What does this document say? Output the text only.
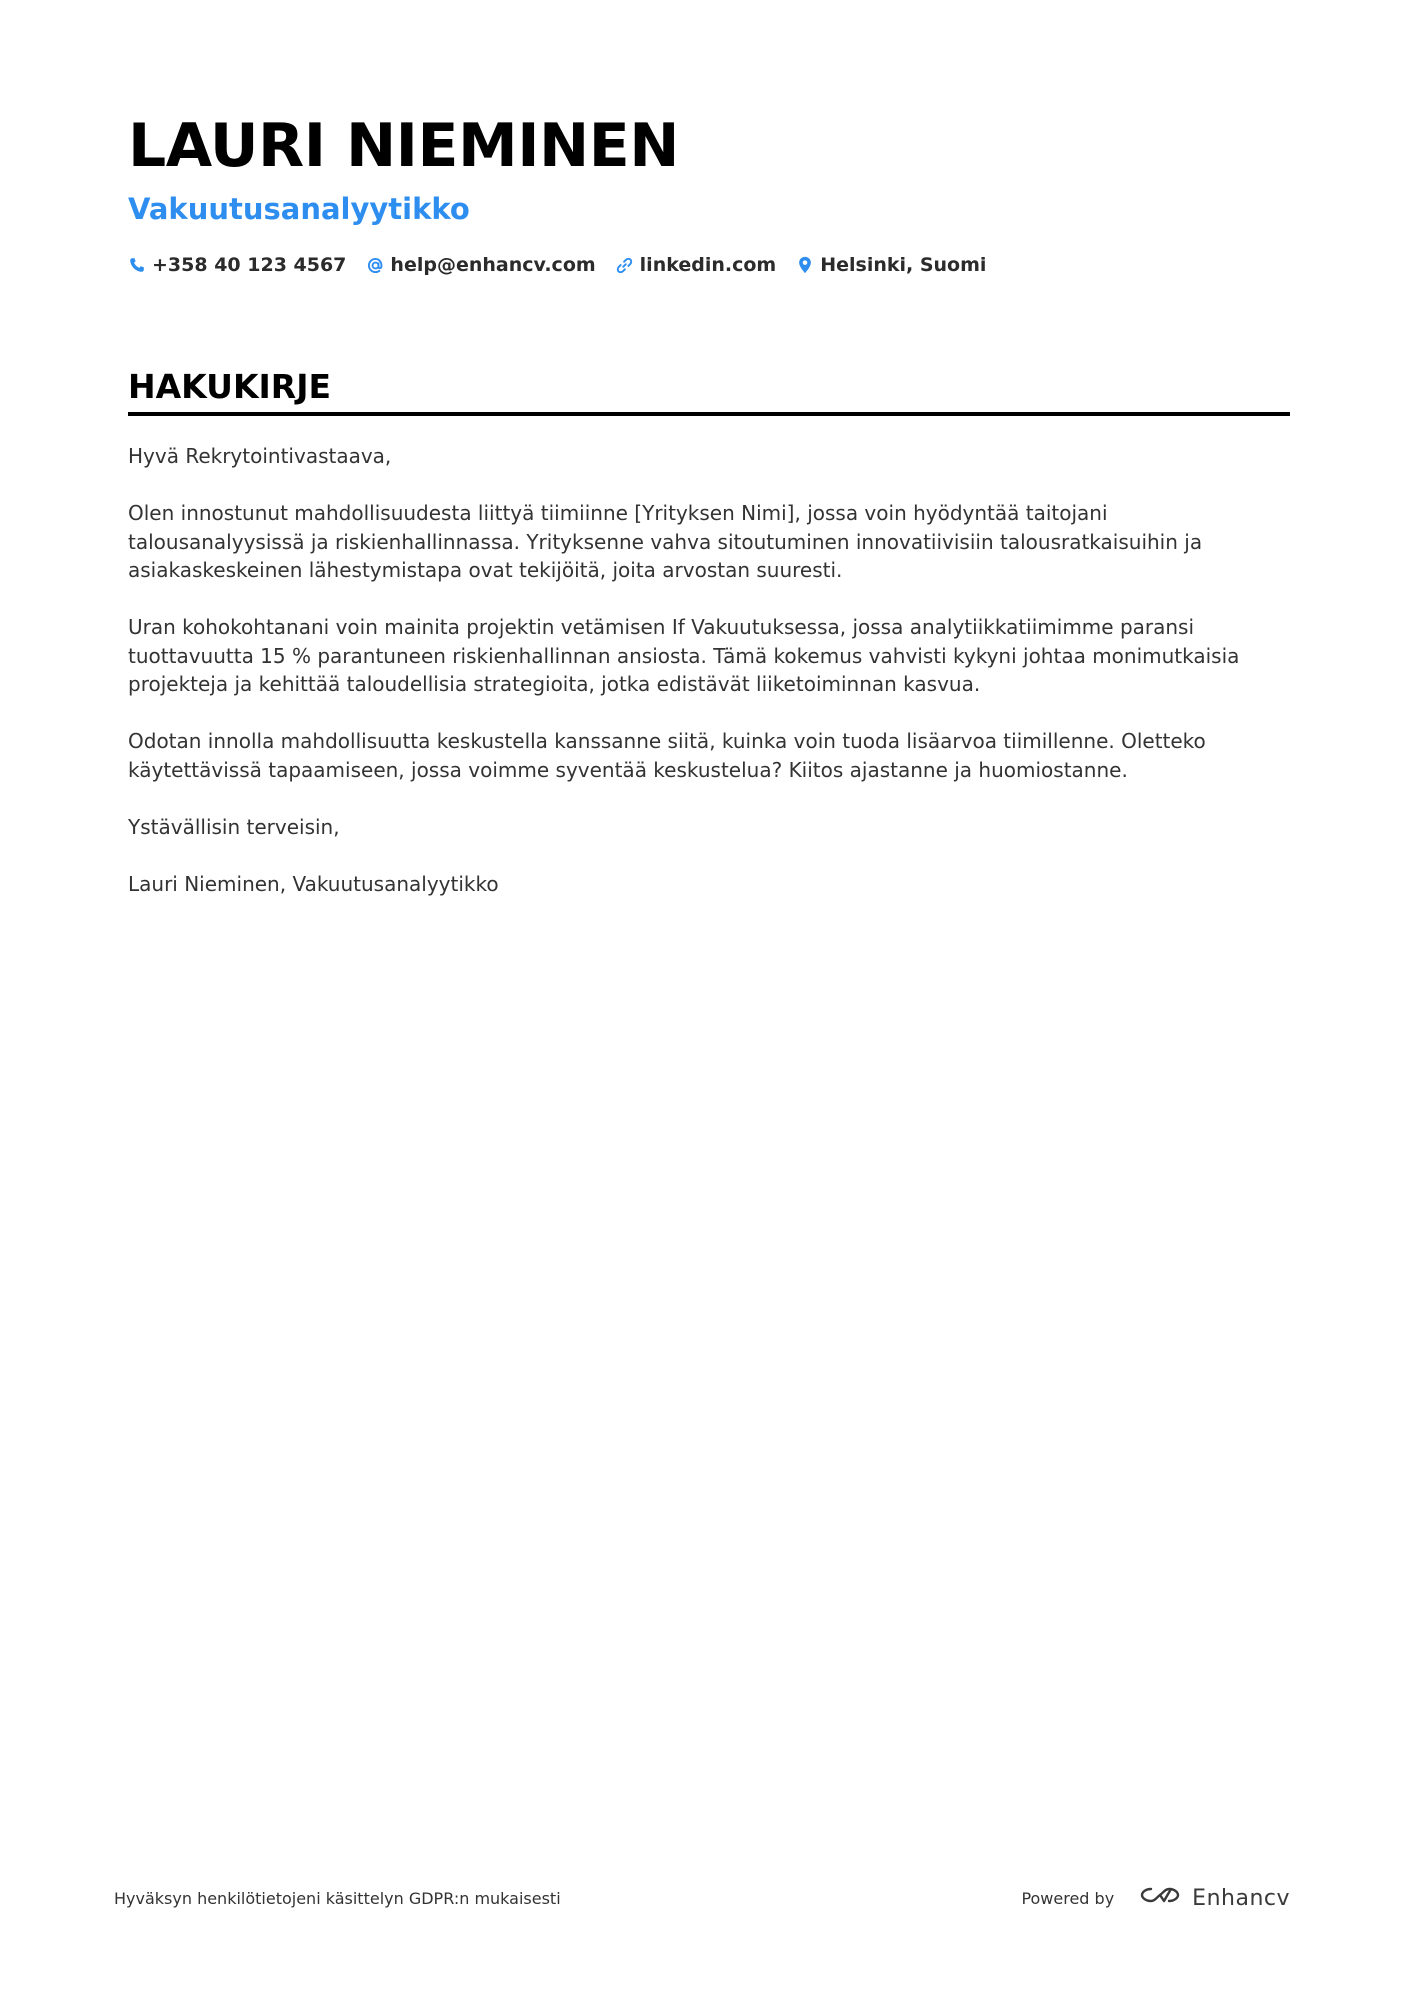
LAURI NIEMINEN
Vakuutusanalyytikko
+358 40 123 4567 help@enhancv.com linkedin.com Helsinki, Suomi
HAKUKIRJE

Hyvä Rekrytointivastaava,

Olen innostunut mahdollisuudesta liittyä tiimiinne [Yrityksen Nimi], jossa voin hyödyntää taitojani talousanalyysissä ja riskienhallinnassa. Yrityksenne vahva sitoutuminen innovatiivisiin talousratkaisuihin ja asiakaskeskeinen lähestymistapa ovat tekijöitä, joita arvostan suuresti.

Uran kohokohtanani voin mainita projektin vetämisen If Vakuutuksessa, jossa analytiikkatiimimme paransi tuottavuutta 15 % parantuneen riskienhallinnan ansiosta. Tämä kokemus vahvisti kykyni johtaa monimutkaisia projekteja ja kehittää taloudellisia strategioita, jotka edistävät liiketoiminnan kasvua.

Odotan innolla mahdollisuutta keskustella kanssanne siitä, kuinka voin tuoda lisäarvoa tiimillenne. Oletteko käytettävissä tapaamiseen, jossa voimme syventää keskustelua? Kiitos ajastanne ja huomiostanne.

Ystävällisin terveisin,

Lauri Nieminen, Vakuutusanalyytikko

Hyväksyn henkilötietojeni käsittelyn GDPR:n mukaisesti	Powered by	Enhancv
